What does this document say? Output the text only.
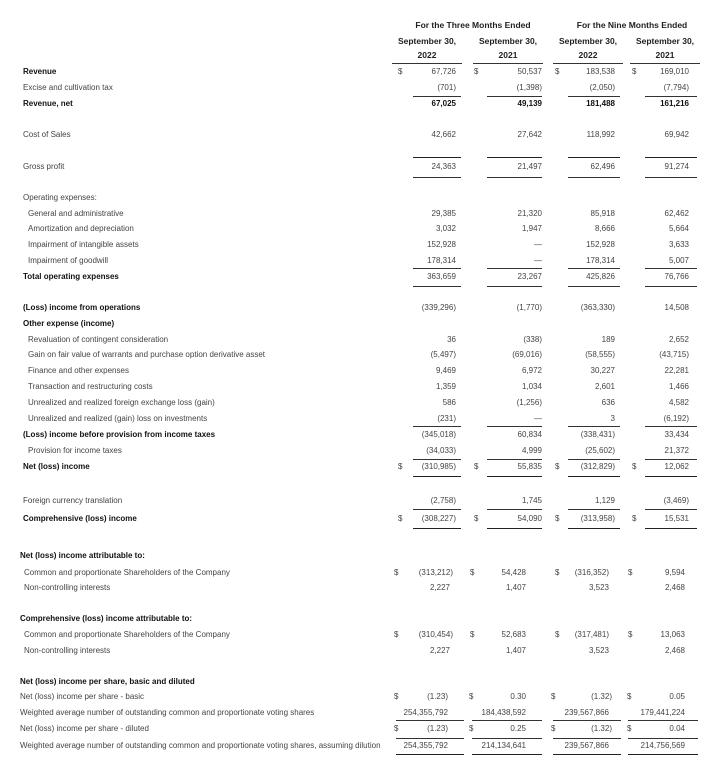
For the Three Months Ended	For the Nine Months Ended
September 30,	September 30,	September 30,	September 30,
2022	2021	2022	2021
Revenue	$	67,726 $	50,537 $	183,538 $	169,010
Excise and cultivation tax	(701)	(1,398)	(2,050)	(7,794)
Revenue, net	67,025	49,139	181,488	161,216
Cost of Sales	42,662	27,642	118,992	69,942
Gross profit	24,363	21,497	62,496	91,274
Operating expenses:
General and administrative	29,385	21,320	85,918	62,462
Amortization and depreciation	3,032	1,947	8,666	5,664
Impairment of intangible assets	152,928	—	152,928	3,633
Impairment of goodwill	178,314	—	178,314	5,007
Total operating expenses	363,659	23,267	425,826	76,766
(Loss) income from operations	(339,296)	(1,770)	(363,330)	14,508
Other expense (income)
Revaluation of contingent consideration	36	(338)	189	2,652
Gain on fair value of warrants and purchase option derivative asset	(5,497)	(69,016)	(58,555)	(43,715)
Finance and other expenses	9,469	6,972	30,227	22,281
Transaction and restructuring costs	1,359	1,034	2,601	1,466
Unrealized and realized foreign exchange loss (gain)	586	(1,256)	636	4,582
Unrealized and realized (gain) loss on investments	(231)	—	3	(6,192)
(Loss) income before provision from income taxes	(345,018)	60,834	(338,431)	33,434
Provision for income taxes	(34,033)	4,999	(25,602)	21,372
Net (loss) income	$	(310,985) $	55,835 $	(312,829) $	12,062
Foreign currency translation	(2,758)	1,745	1,129	(3,469)
Comprehensive (loss) income	$	(308,227) $	54,090 $	(313,958) $	15,531
Net (loss) income attributable to:
Common and proportionate Shareholders of the Company	$	(313,212) $	54,428	$	(316,352) $	9,594
Non-controlling interests	2,227	1,407	3,523	2,468
Comprehensive (loss) income attributable to:
Common and proportionate Shareholders of the Company	$	(310,454) $	52,683	$	(317,481) $	13,063
Non-controlling interests	2,227	1,407	3,523	2,468
Net (loss) income per share, basic and diluted
Net (loss) income per share - basic	$	(1.23)	$	0.30	$	(1.32) $	0.05
Weighted average number of outstanding common and proportionate voting shares	254,355,792	184,438,592	239,567,866	179,441,224
Net (loss) income per share - diluted	$	(1.23)	$	0.25	$	(1.32) $	0.04
Weighted average number of outstanding common and proportionate voting shares, assuming dilution	254,355,792	214,134,641	239,567,866	214,756,569
